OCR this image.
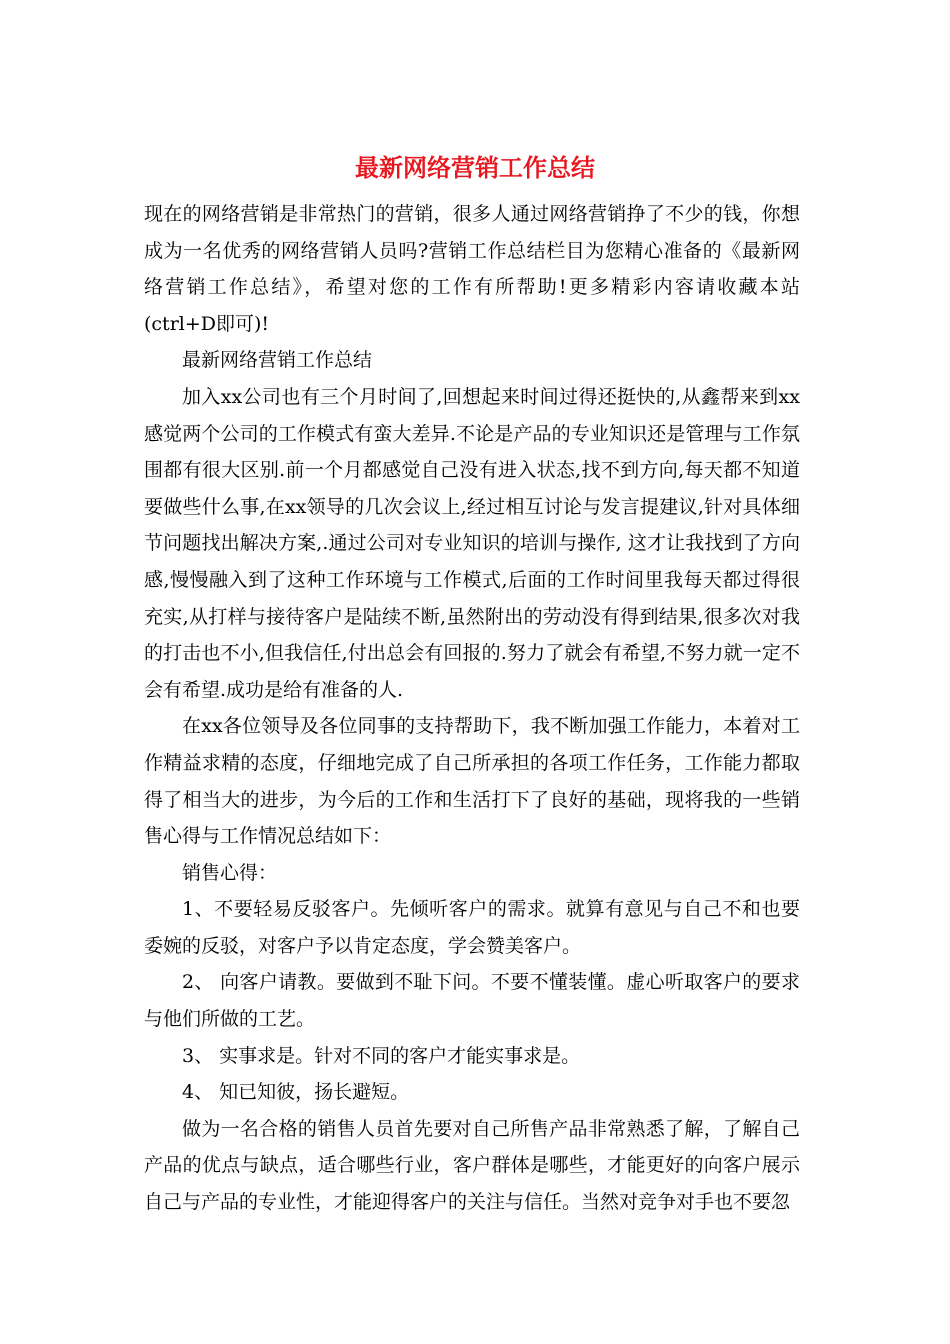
最新网络营销工作总结

现在的网络营销是非常热门的营销，很多人通过网络营销挣了不少的钱，你想成为一名优秀的网络营销人员吗?营销工作总结栏目为您精心准备的《最新网络营销工作总结》，希望对您的工作有所帮助!更多精彩内容请收藏本站(ctrl+D即可)!

最新网络营销工作总结

加入xx公司也有三个月时间了,回想起来时间过得还挺快的,从鑫帮来到xx感觉两个公司的工作模式有蛮大差异.不论是产品的专业知识还是管理与工作氛围都有很大区别.前一个月都感觉自己没有进入状态,找不到方向,每天都不知道要做些什么事,在xx领导的几次会议上,经过相互讨论与发言提建议,针对具体细节问题找出解决方案,.通过公司对专业知识的培训与操作, 这才让我找到了方向感,慢慢融入到了这种工作环境与工作模式,后面的工作时间里我每天都过得很充实,从打样与接待客户是陆续不断,虽然附出的劳动没有得到结果,很多次对我的打击也不小,但我信任,付出总会有回报的.努力了就会有希望,不努力就一定不会有希望.成功是给有准备的人.

在xx各位领导及各位同事的支持帮助下，我不断加强工作能力，本着对工作精益求精的态度，仔细地完成了自己所承担的各项工作任务，工作能力都取得了相当大的进步，为今后的工作和生活打下了良好的基础，现将我的一些销售心得与工作情况总结如下：

销售心得：

1、不要轻易反驳客户。先倾听客户的需求。就算有意见与自己不和也要委婉的反驳，对客户予以肯定态度，学会赞美客户。

2、 向客户请教。要做到不耻下问。不要不懂装懂。虚心听取客户的要求与他们所做的工艺。

3、 实事求是。针对不同的客户才能实事求是。

4、 知已知彼，扬长避短。

做为一名合格的销售人员首先要对自己所售产品非常熟悉了解，了解自己产品的优点与缺点，适合哪些行业，客户群体是哪些，才能更好的向客户展示自己与产品的专业性，才能迎得客户的关注与信任。当然对竞争对手也不要忽
